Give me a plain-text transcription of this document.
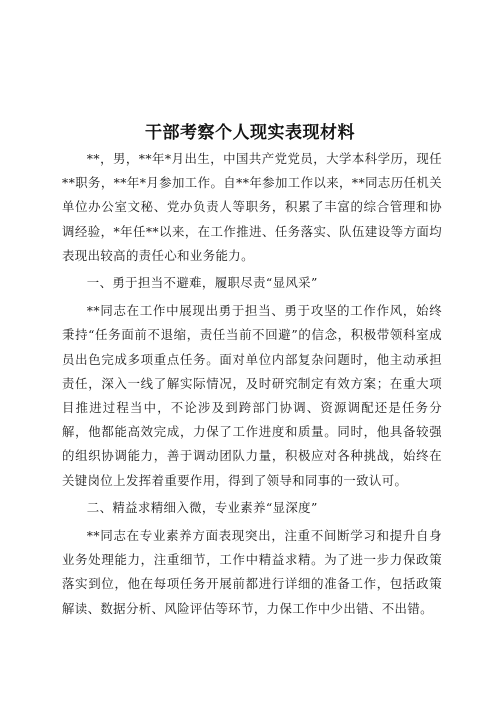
干部考察个人现实表现材料

**，男，**年*月出生，中国共产党党员，大学本科学历，现任**职务，**年*月参加工作。自**年参加工作以来，**同志历任机关单位办公室文秘、党办负责人等职务，积累了丰富的综合管理和协调经验，*年任**以来，在工作推进、任务落实、队伍建设等方面均表现出较高的责任心和业务能力。

一、勇于担当不避难，履职尽责“显风采”

**同志在工作中展现出勇于担当、勇于攻坚的工作作风，始终秉持“任务面前不退缩，责任当前不回避”的信念，积极带领科室成员出色完成多项重点任务。面对单位内部复杂问题时，他主动承担责任，深入一线了解实际情况，及时研究制定有效方案；在重大项目推进过程当中，不论涉及到跨部门协调、资源调配还是任务分解，他都能高效完成，力保了工作进度和质量。同时，他具备较强的组织协调能力，善于调动团队力量，积极应对各种挑战，始终在关键岗位上发挥着重要作用，得到了领导和同事的一致认可。

二、精益求精细入微，专业素养“显深度”

**同志在专业素养方面表现突出，注重不间断学习和提升自身业务处理能力，注重细节，工作中精益求精。为了进一步力保政策落实到位，他在每项任务开展前都进行详细的准备工作，包括政策解读、数据分析、风险评估等环节，力保工作中少出错、不出错。
